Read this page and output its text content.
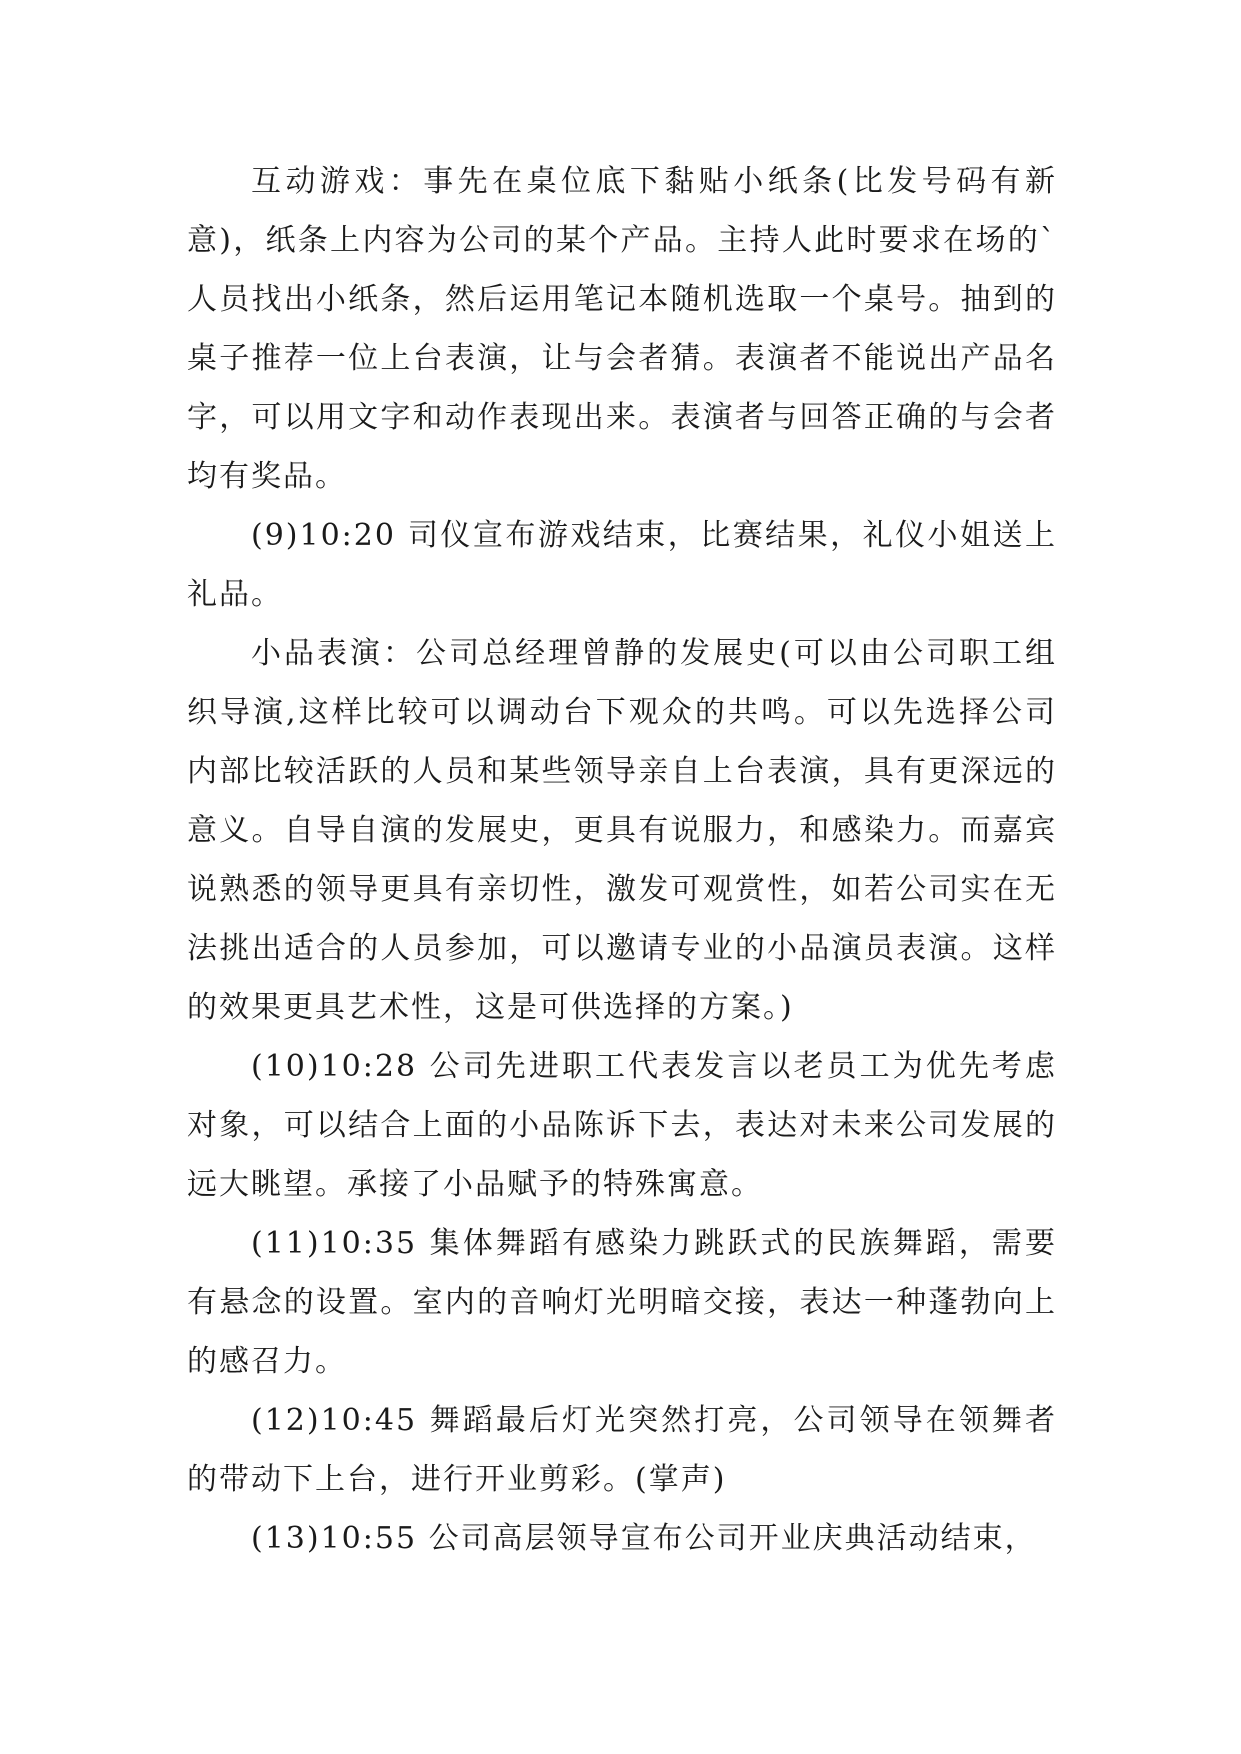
互动游戏：事先在桌位底下黏贴小纸条(比发号码有新意)，纸条上内容为公司的某个产品。主持人此时要求在场的`人员找出小纸条，然后运用笔记本随机选取一个桌号。抽到的桌子推荐一位上台表演，让与会者猜。表演者不能说出产品名字，可以用文字和动作表现出来。表演者与回答正确的与会者均有奖品。

(9)10:20 司仪宣布游戏结束，比赛结果，礼仪小姐送上礼品。

小品表演：公司总经理曾静的发展史(可以由公司职工组织导演,这样比较可以调动台下观众的共鸣。可以先选择公司内部比较活跃的人员和某些领导亲自上台表演，具有更深远的意义。自导自演的发展史，更具有说服力，和感染力。而嘉宾说熟悉的领导更具有亲切性，激发可观赏性，如若公司实在无法挑出适合的人员参加，可以邀请专业的小品演员表演。这样的效果更具艺术性，这是可供选择的方案。)

(10)10:28 公司先进职工代表发言以老员工为优先考虑对象，可以结合上面的小品陈诉下去，表达对未来公司发展的远大眺望。承接了小品赋予的特殊寓意。

(11)10:35 集体舞蹈有感染力跳跃式的民族舞蹈，需要有悬念的设置。室内的音响灯光明暗交接，表达一种蓬勃向上的感召力。

(12)10:45 舞蹈最后灯光突然打亮，公司领导在领舞者的带动下上台，进行开业剪彩。(掌声)

(13)10:55 公司高层领导宣布公司开业庆典活动结束，
